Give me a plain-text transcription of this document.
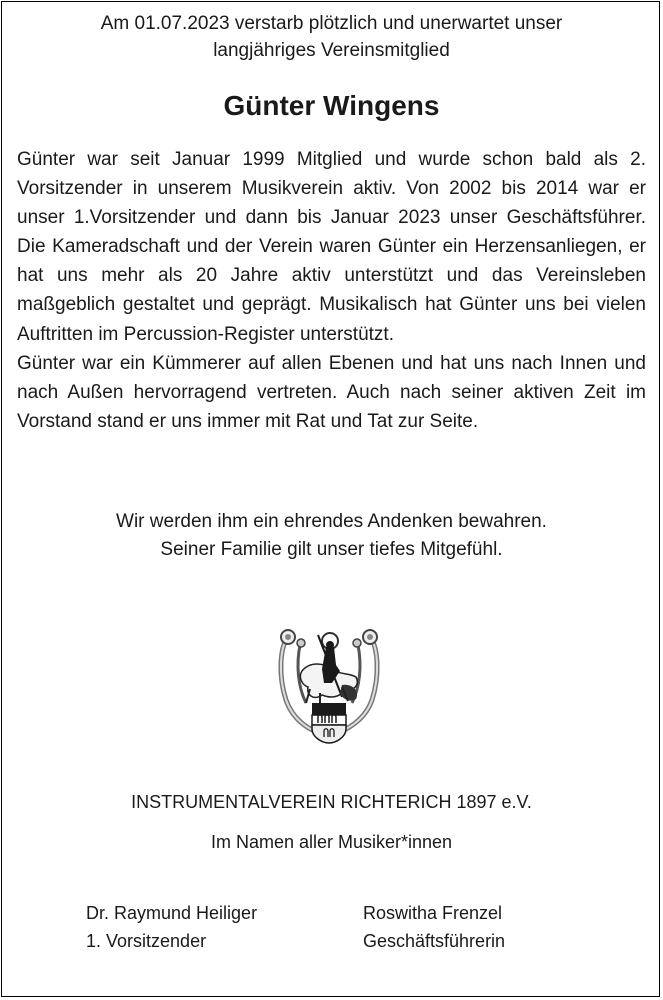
Am 01.07.2023 verstarb plötzlich und unerwartet unser
langjähriges Vereinsmitglied
Günter Wingens

Günter war seit Januar 1999 Mitglied und wurde schon bald als 2. Vorsitzender in unserem Musikverein aktiv. Von 2002 bis 2014 war er unser 1.Vorsitzender und dann bis Januar 2023 unser Geschäftsführer. Die Kameradschaft und der Verein waren Günter ein Herzensanliegen, er hat uns mehr als 20 Jahre aktiv unterstützt und das Vereinsleben maßgeblich gestaltet und geprägt. Musikalisch hat Günter uns bei vielen Auftritten im Percussion-Register unterstützt.

Günter war ein Kümmerer auf allen Ebenen und hat uns nach Innen und nach Außen hervorragend vertreten. Auch nach seiner aktiven Zeit im Vorstand stand er uns immer mit Rat und Tat zur Seite.

Wir werden ihm ein ehrendes Andenken bewahren.
Seiner Familie gilt unser tiefes Mitgefühl.
INSTRUMENTALVEREIN RICHTERICH 1897 e.V.
Im Namen aller Musiker*innen
Dr. Raymund Heiliger
1. Vorsitzender
Roswitha Frenzel
Geschäftsführerin
